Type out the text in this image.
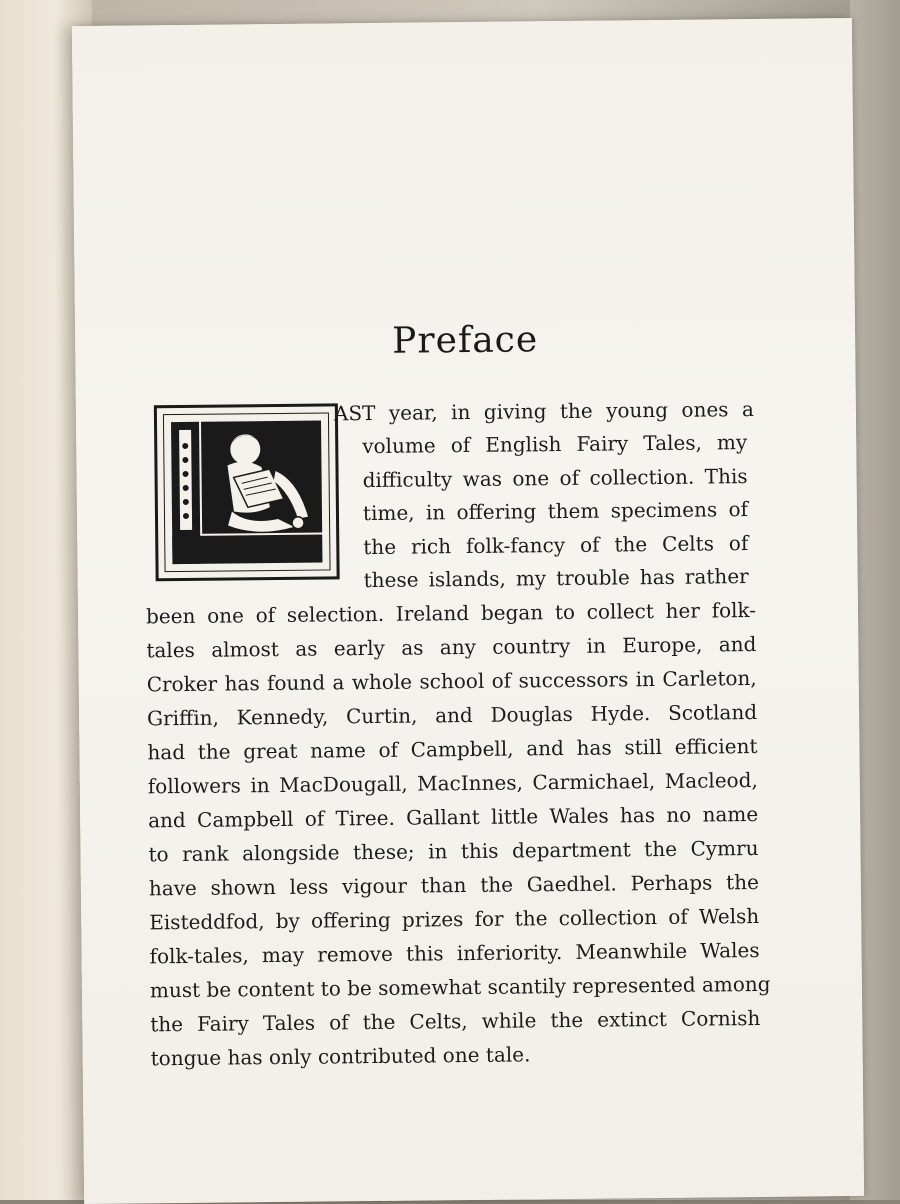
Preface
AST year, in giving the young ones a
volume of English Fairy Tales, my
difficulty was one of collection. This
time, in offering them specimens of
the rich folk-fancy of the Celts of
these islands, my trouble has rather
been one of selection. Ireland began to collect her folk-
tales almost as early as any country in Europe, and
Croker has found a whole school of successors in Carleton,
Griffin, Kennedy, Curtin, and Douglas Hyde. Scotland
had the great name of Campbell, and has still efficient
followers in MacDougall, MacInnes, Carmichael, Macleod,
and Campbell of Tiree. Gallant little Wales has no name
to rank alongside these; in this department the Cymru
have shown less vigour than the Gaedhel. Perhaps the
Eisteddfod, by offering prizes for the collection of Welsh
folk-tales, may remove this inferiority. Meanwhile Wales
must be content to be somewhat scantily represented among
the Fairy Tales of the Celts, while the extinct Cornish
tongue has only contributed one tale.
